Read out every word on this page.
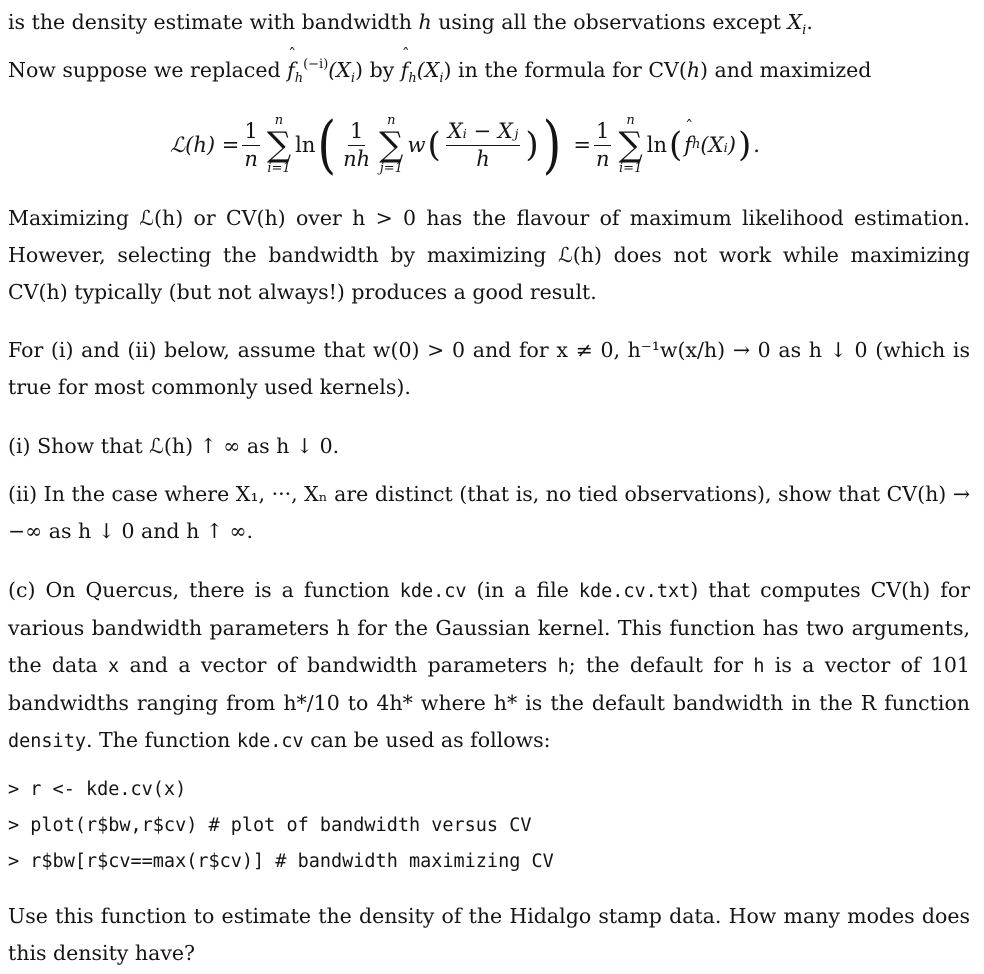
is the density estimate with bandwidth h using all the observations except $X_i$.

Now suppose we replaced ˆ $f_h^{(-i)}(X_i)$ by ˆ $f_h(X_i)$ in the formula for CV(h) and maximized

ℒ(h) = $\frac{1}{n}$ n
∑
i=1
ln ( $\frac{1}{nh}$ n
∑
j=1
w ( $\frac{\text{Xᵢ − Xⱼ}}{h}$ ) ) = $\frac{1}{n}$ n
∑
i=1
ln (
ˆ f h (Xᵢ) ) .

Maximizing ℒ(h) or CV(h) over h > 0 has the flavour of maximum likelihood estimation. However, selecting the bandwidth by maximizing ℒ(h) does not work while maximizing CV(h) typically (but not always!) produces a good result.

For (i) and (ii) below, assume that w(0) > 0 and for x ≠ 0, h⁻¹w(x/h) → 0 as h ↓ 0 (which is true for most commonly used kernels).

(i) Show that ℒ(h) ↑ ∞ as h ↓ 0.

(ii) In the case where X₁, ···, Xₙ are distinct (that is, no tied observations), show that CV(h) → −∞ as h ↓ 0 and h ↑ ∞.

(c) On Quercus, there is a function kde.cv (in a file kde.cv.txt) that computes CV(h) for various bandwidth parameters h for the Gaussian kernel. This function has two arguments, the data x and a vector of bandwidth parameters h; the default for h is a vector of 101 bandwidths ranging from h*/10 to 4h* where h* is the default bandwidth in the R function density. The function kde.cv can be used as follows:

> r <- kde.cv(x)
> plot(r$bw,r$cv) # plot of bandwidth versus CV
> r$bw[r$cv==max(r$cv)] # bandwidth maximizing CV

Use this function to estimate the density of the Hidalgo stamp data. How many modes does this density have?
